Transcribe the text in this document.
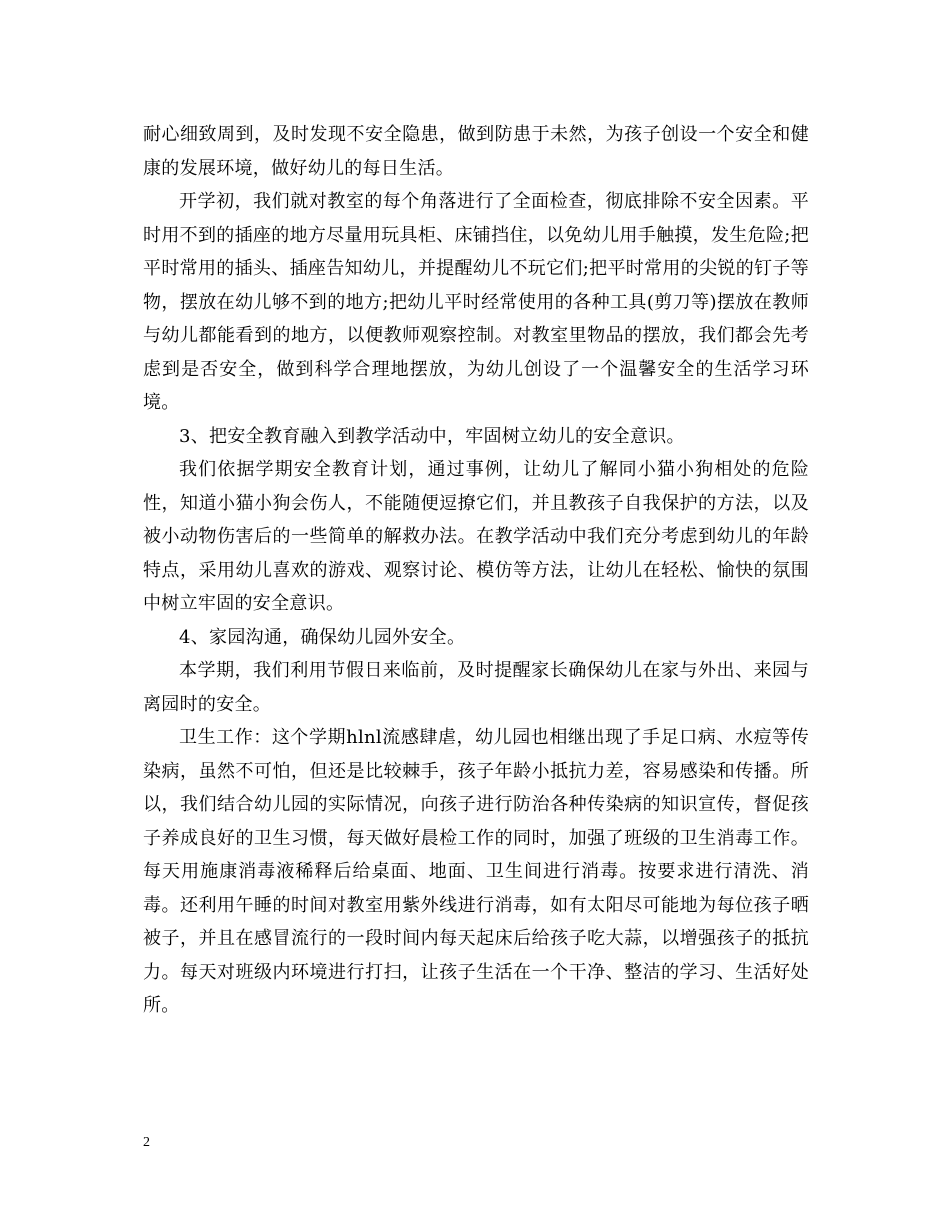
耐心细致周到，及时发现不安全隐患，做到防患于未然，为孩子创设一个安全和健康的发展环境，做好幼儿的每日生活。

开学初，我们就对教室的每个角落进行了全面检查，彻底排除不安全因素。平时用不到的插座的地方尽量用玩具柜、床铺挡住，以免幼儿用手触摸，发生危险;把平时常用的插头、插座告知幼儿，并提醒幼儿不玩它们;把平时常用的尖锐的钉子等物，摆放在幼儿够不到的地方;把幼儿平时经常使用的各种工具(剪刀等)摆放在教师与幼儿都能看到的地方，以便教师观察控制。对教室里物品的摆放，我们都会先考虑到是否安全，做到科学合理地摆放，为幼儿创设了一个温馨安全的生活学习环境。

3、把安全教育融入到教学活动中，牢固树立幼儿的安全意识。

我们依据学期安全教育计划，通过事例，让幼儿了解同小猫小狗相处的危险性，知道小猫小狗会伤人，不能随便逗撩它们，并且教孩子自我保护的方法，以及被小动物伤害后的一些简单的解救办法。在教学活动中我们充分考虑到幼儿的年龄特点，采用幼儿喜欢的游戏、观察讨论、模仿等方法，让幼儿在轻松、愉快的氛围中树立牢固的安全意识。

4、家园沟通，确保幼儿园外安全。

本学期，我们利用节假日来临前，及时提醒家长确保幼儿在家与外出、来园与离园时的安全。

卫生工作：这个学期hlnl流感肆虐，幼儿园也相继出现了手足口病、水痘等传染病，虽然不可怕，但还是比较棘手，孩子年龄小抵抗力差，容易感染和传播。所以，我们结合幼儿园的实际情况，向孩子进行防治各种传染病的知识宣传，督促孩子养成良好的卫生习惯，每天做好晨检工作的同时，加强了班级的卫生消毒工作。每天用施康消毒液稀释后给桌面、地面、卫生间进行消毒。按要求进行清洗、消毒。还利用午睡的时间对教室用紫外线进行消毒，如有太阳尽可能地为每位孩子晒被子，并且在感冒流行的一段时间内每天起床后给孩子吃大蒜，以增强孩子的抵抗力。每天对班级内环境进行打扫，让孩子生活在一个干净、整洁的学习、生活好处所。

2
